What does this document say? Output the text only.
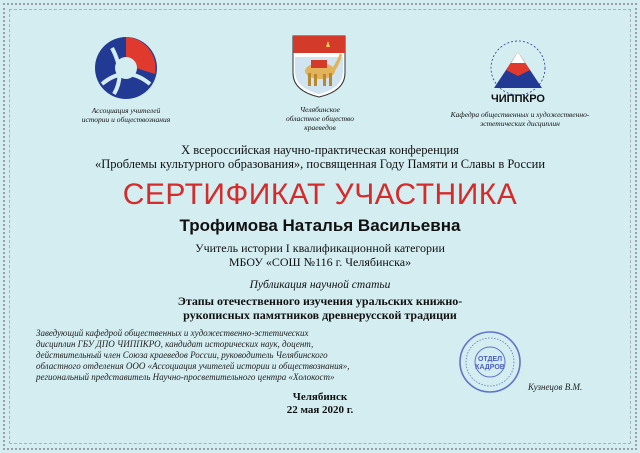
Ассоциация учителей
истории и обществознания
Челябинское
областное общество
краеведов
ЧИППКРО
Кафедра общественных и художественно-
эстетических дисциплин
X всероссийская научно-практическая конференция
«Проблемы культурного образования», посвященная Году Памяти и Славы в России
СЕРТИФИКАТ УЧАСТНИКА
Трофимова Наталья Васильевна
Учитель истории I квалификационной категории
МБОУ «СОШ №116 г. Челябинска»
Публикация научной статьи
Этапы отечественного изучения уральских книжно-
рукописных памятников древнерусской традиции
Заведующий кафедрой общественных и художественно-эстетических
дисциплин ГБУ ДПО ЧИППКРО, кандидат исторических наук, доцент,
действительный член Союза краеведов России, руководитель Челябинского
областного отделения ООО «Ассоциация учителей истории и обществознания»,
региональный представитель Научно-просветительного центра «Холокост»
ОТДЕЛ
КАДРОВ
Кузнецов В.М.
Челябинск
22 мая 2020 г.
